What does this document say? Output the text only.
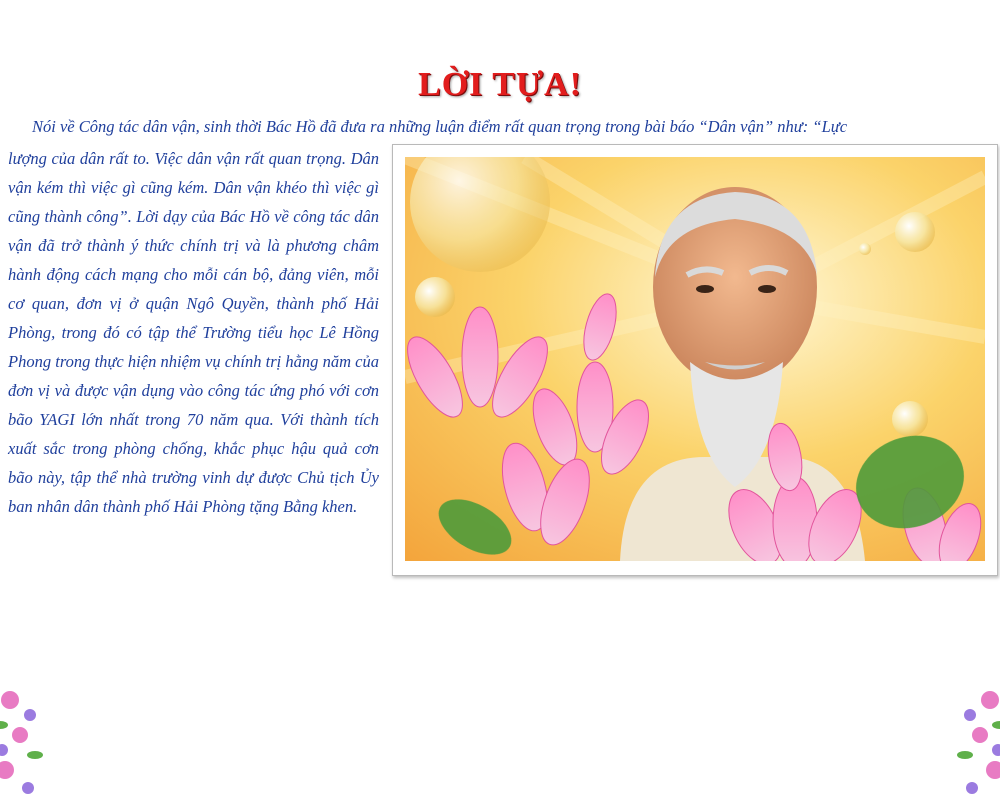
LỜI TỰA!
Nói về Công tác dân vận, sinh thời Bác Hồ đã đưa ra những luận điểm rất quan trọng trong bài báo “Dân vận” như: “Lực
lượng của dân rất to. Việc dân vận rất quan trọng. Dân vận kém thì việc gì cũng kém. Dân vận khéo thì việc gì cũng thành công”. Lời dạy của Bác Hồ về công tác dân vận đã trở thành ý thức chính trị và là phương châm hành động cách mạng cho mỗi cán bộ, đảng viên, mỗi cơ quan, đơn vị ở quận Ngô Quyền, thành phố Hải Phòng, trong đó có tập thể Trường tiểu học Lê Hồng Phong trong thực hiện nhiệm vụ chính trị hằng năm của đơn vị và được vận dụng vào công tác ứng phó với cơn bão YAGI lớn nhất trong 70 năm qua. Với thành tích xuất sắc trong phòng chống, khắc phục hậu quả cơn bão này, tập thể nhà trường vinh dự được Chủ tịch Ủy ban nhân dân thành phố Hải Phòng tặng Bằng khen.
